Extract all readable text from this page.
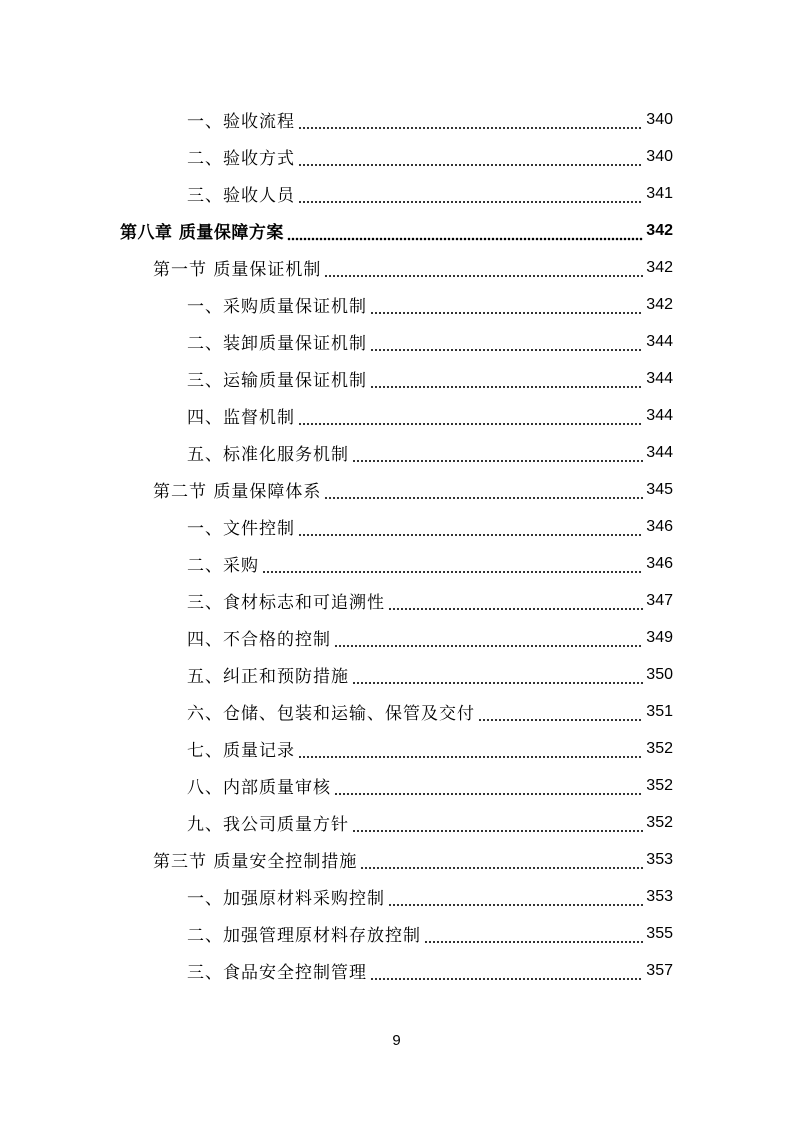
一、验收流程	340
二、验收方式	340
三、验收人员	341
第八章 质量保障方案	342
第一节 质量保证机制	342
一、采购质量保证机制	342
二、装卸质量保证机制	344
三、运输质量保证机制	344
四、监督机制	344
五、标准化服务机制	344
第二节 质量保障体系	345
一、文件控制	346
二、采购	346
三、食材标志和可追溯性	347
四、不合格的控制	349
五、纠正和预防措施	350
六、仓储、包装和运输、保管及交付	351
七、质量记录	352
八、内部质量审核	352
九、我公司质量方针	352
第三节 质量安全控制措施	353
一、加强原材料采购控制	353
二、加强管理原材料存放控制	355
三、食品安全控制管理	357
9
